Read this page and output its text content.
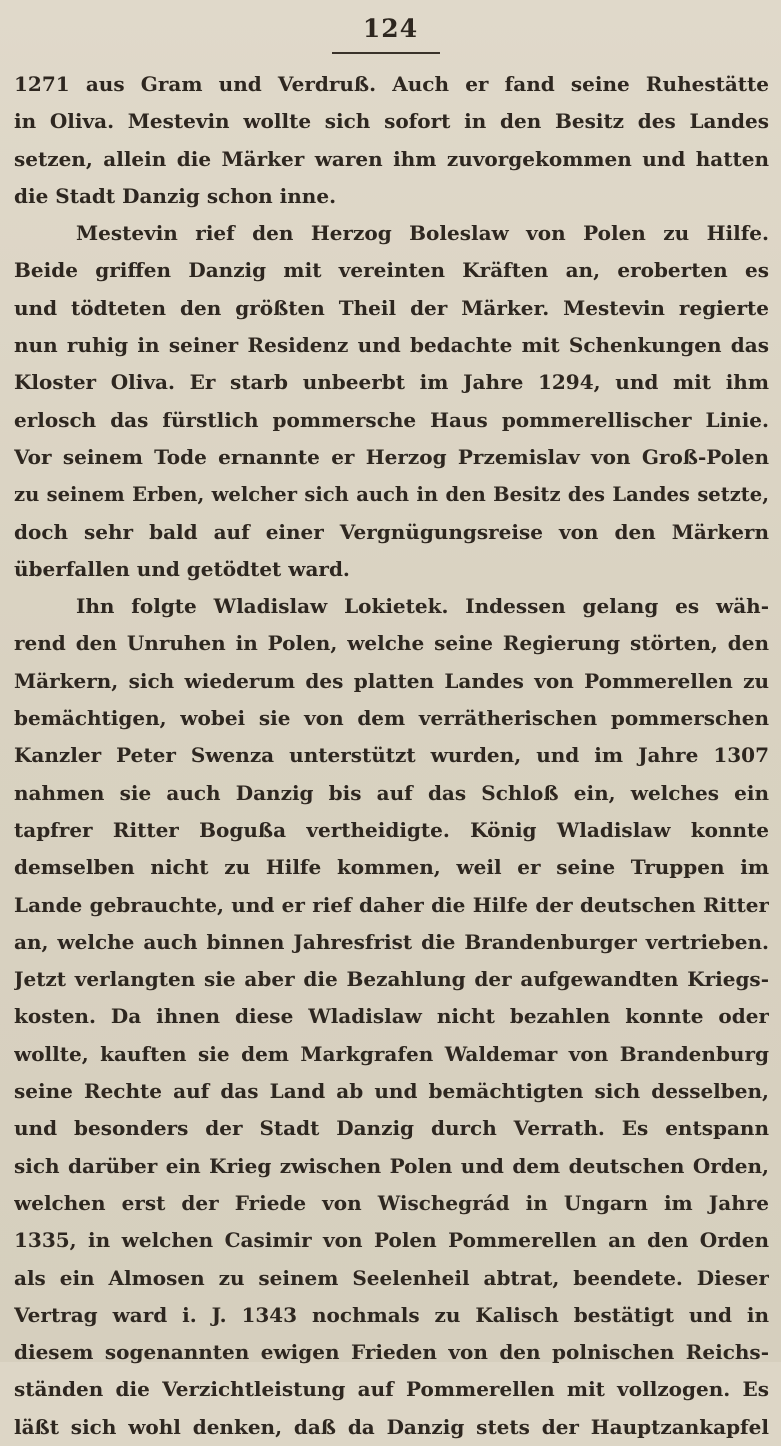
124
1271 aus Gram und Verdruß. Auch er fand seine Ruhestätte
in Oliva. Mestevin wollte sich sofort in den Besitz des Landes
setzen, allein die Märker waren ihm zuvorgekommen und hatten
die Stadt Danzig schon inne.
Mestevin rief den Herzog Boleslaw von Polen zu Hilfe.
Beide griffen Danzig mit vereinten Kräften an, eroberten es
und tödteten den größten Theil der Märker. Mestevin regierte
nun ruhig in seiner Residenz und bedachte mit Schenkungen das
Kloster Oliva. Er starb unbeerbt im Jahre 1294, und mit ihm
erlosch das fürstlich pommersche Haus pommerellischer Linie.
Vor seinem Tode ernannte er Herzog Przemislav von Groß-Polen
zu seinem Erben, welcher sich auch in den Besitz des Landes setzte,
doch sehr bald auf einer Vergnügungsreise von den Märkern
überfallen und getödtet ward.
Ihn folgte Wladislaw Lokietek. Indessen gelang es wäh-
rend den Unruhen in Polen, welche seine Regierung störten, den
Märkern, sich wiederum des platten Landes von Pommerellen zu
bemächtigen, wobei sie von dem verrätherischen pommerschen
Kanzler Peter Swenza unterstützt wurden, und im Jahre 1307
nahmen sie auch Danzig bis auf das Schloß ein, welches ein
tapfrer Ritter Bogußa vertheidigte. König Wladislaw konnte
demselben nicht zu Hilfe kommen, weil er seine Truppen im
Lande gebrauchte, und er rief daher die Hilfe der deutschen Ritter
an, welche auch binnen Jahresfrist die Brandenburger vertrieben.
Jetzt verlangten sie aber die Bezahlung der aufgewandten Kriegs-
kosten. Da ihnen diese Wladislaw nicht bezahlen konnte oder
wollte, kauften sie dem Markgrafen Waldemar von Brandenburg
seine Rechte auf das Land ab und bemächtigten sich desselben,
und besonders der Stadt Danzig durch Verrath. Es entspann
sich darüber ein Krieg zwischen Polen und dem deutschen Orden,
welchen erst der Friede von Wischegrád in Ungarn im Jahre
1335, in welchen Casimir von Polen Pommerellen an den Orden
als ein Almosen zu seinem Seelenheil abtrat, beendete. Dieser
Vertrag ward i. J. 1343 nochmals zu Kalisch bestätigt und in
diesem sogenannten ewigen Frieden von den polnischen Reichs-
ständen die Verzichtleistung auf Pommerellen mit vollzogen. Es
läßt sich wohl denken, daß da Danzig stets der Hauptzankapfel
